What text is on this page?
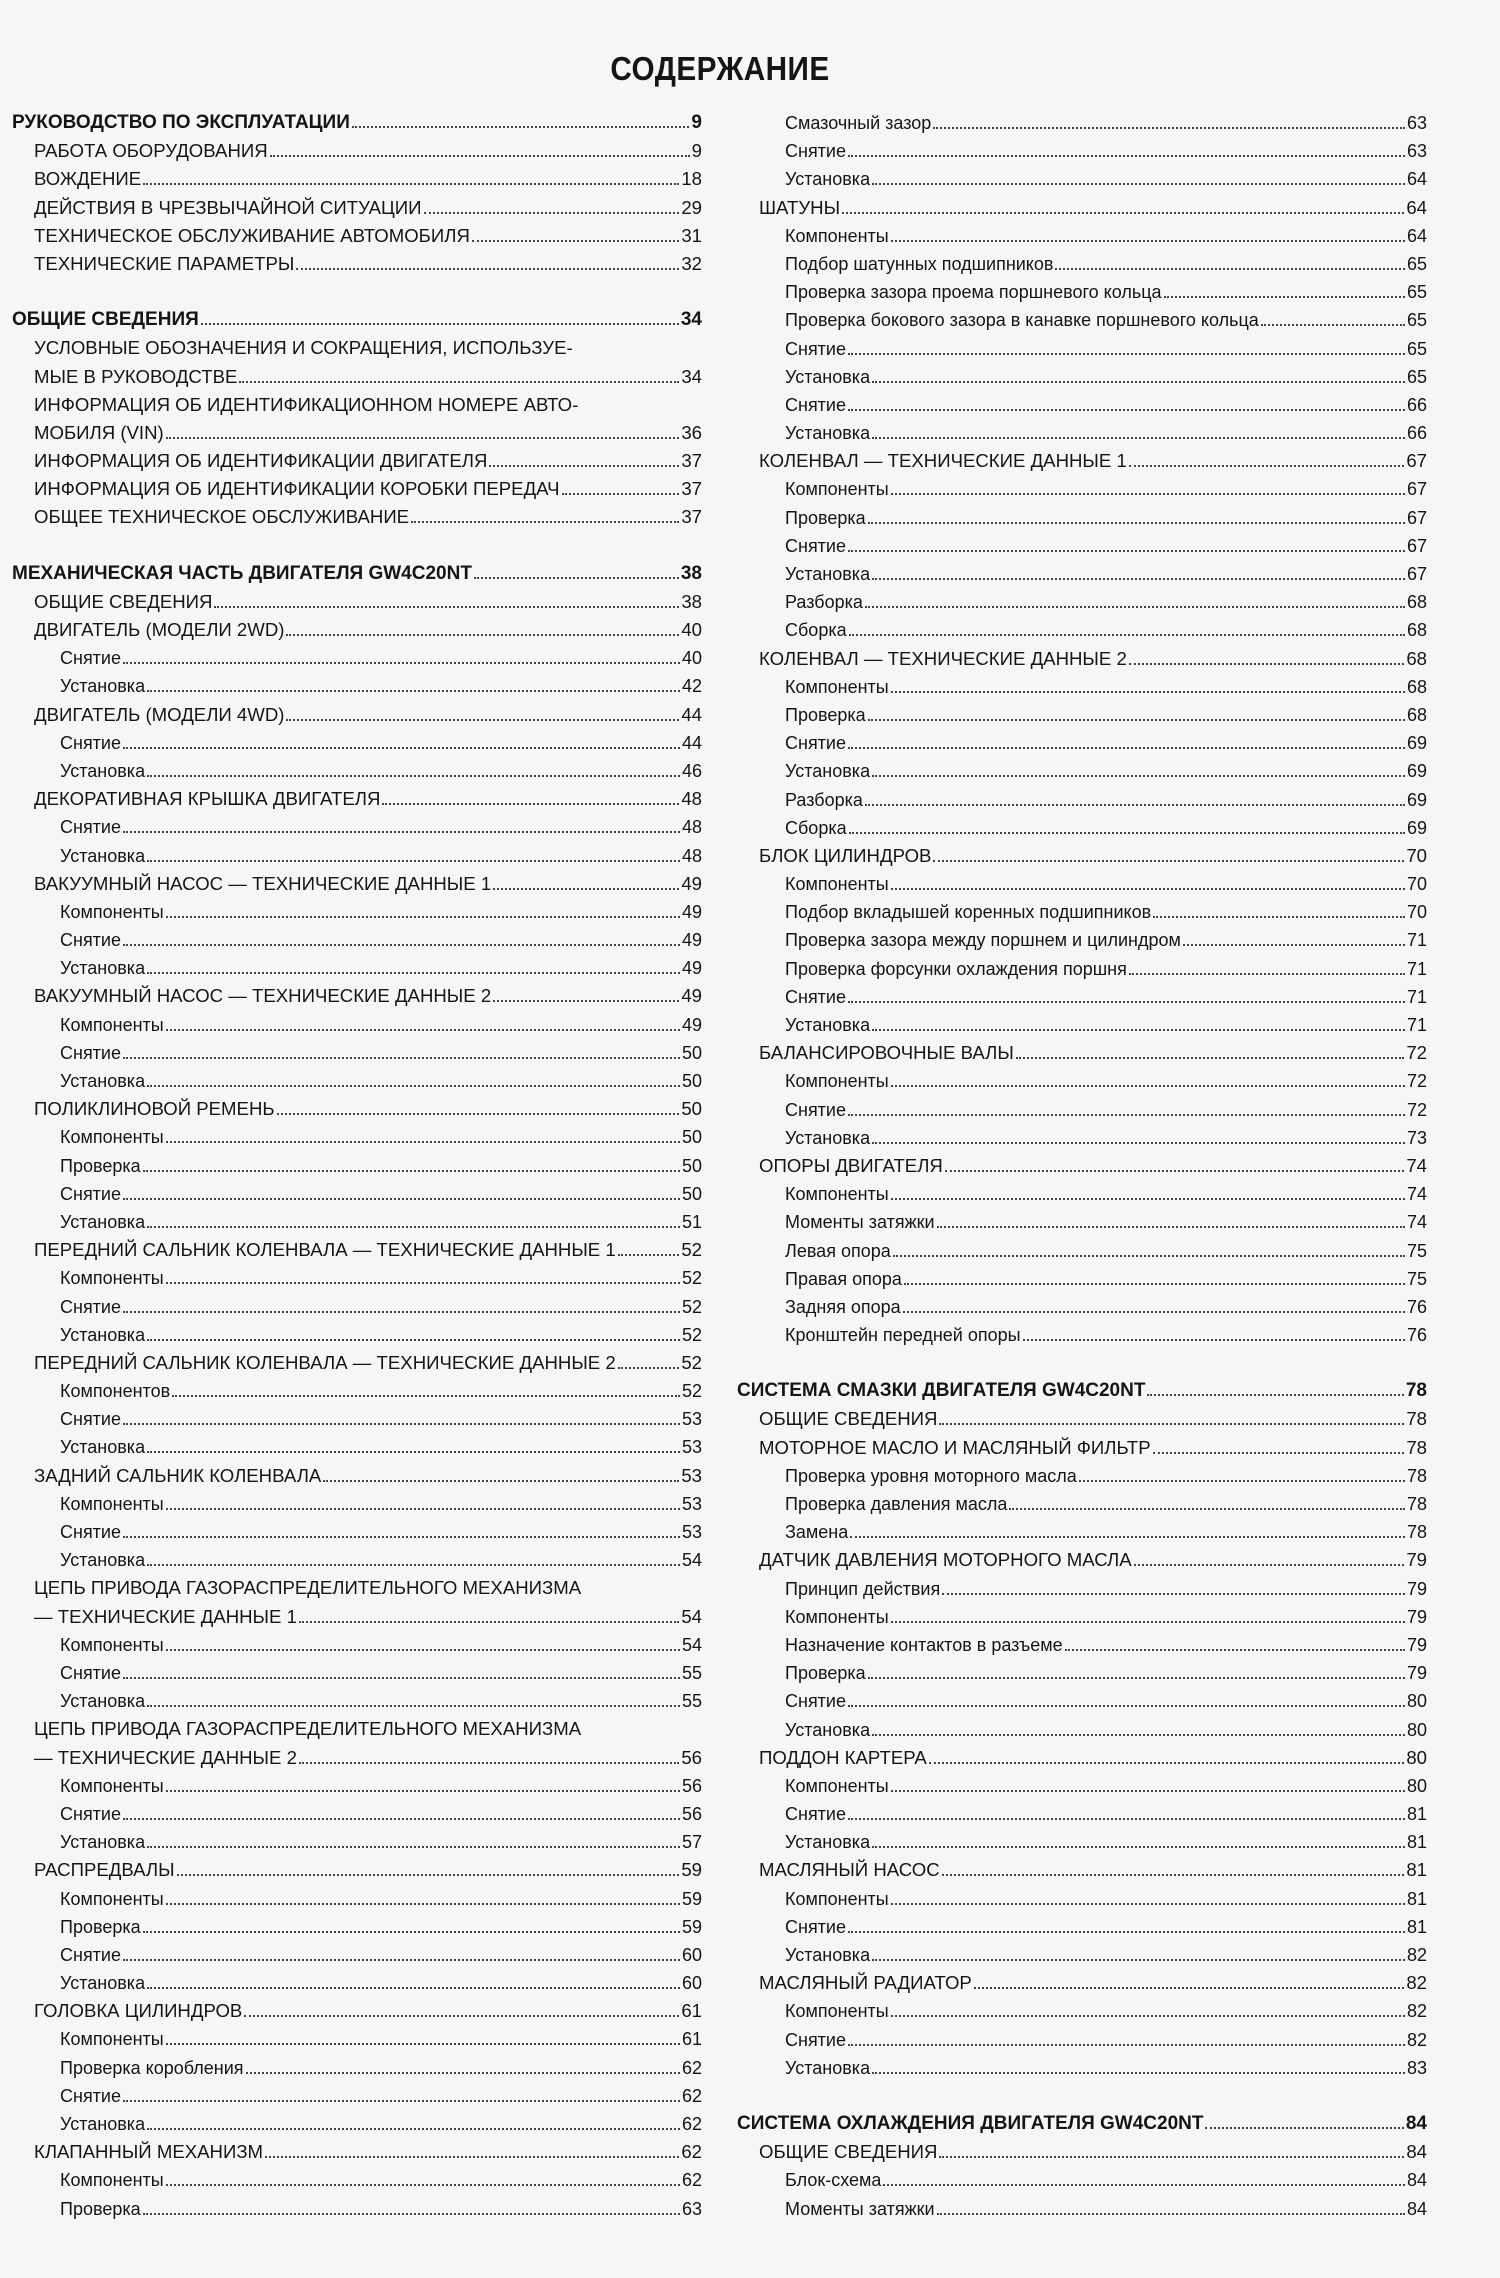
СОДЕРЖАНИЕ
РУКОВОДСТВО ПО ЭКСПЛУАТАЦИИ	9
РАБОТА ОБОРУДОВАНИЯ	9
ВОЖДЕНИЕ	18
ДЕЙСТВИЯ В ЧРЕЗВЫЧАЙНОЙ СИТУАЦИИ	29
ТЕХНИЧЕСКОЕ ОБСЛУЖИВАНИЕ АВТОМОБИЛЯ	31
ТЕХНИЧЕСКИЕ ПАРАМЕТРЫ	32
ОБЩИЕ СВЕДЕНИЯ	34
УСЛОВНЫЕ ОБОЗНАЧЕНИЯ И СОКРАЩЕНИЯ, ИСПОЛЬЗУЕ-
МЫЕ В РУКОВОДСТВЕ	34
ИНФОРМАЦИЯ ОБ ИДЕНТИФИКАЦИОННОМ НОМЕРЕ АВТО-
МОБИЛЯ (VIN)	36
ИНФОРМАЦИЯ ОБ ИДЕНТИФИКАЦИИ ДВИГАТЕЛЯ	37
ИНФОРМАЦИЯ ОБ ИДЕНТИФИКАЦИИ КОРОБКИ ПЕРЕДАЧ	37
ОБЩЕЕ ТЕХНИЧЕСКОЕ ОБСЛУЖИВАНИЕ	37
МЕХАНИЧЕСКАЯ ЧАСТЬ ДВИГАТЕЛЯ GW4C20NT	38
ОБЩИЕ СВЕДЕНИЯ	38
ДВИГАТЕЛЬ (МОДЕЛИ 2WD)	40
Снятие	40
Установка	42
ДВИГАТЕЛЬ (МОДЕЛИ 4WD)	44
Снятие	44
Установка	46
ДЕКОРАТИВНАЯ КРЫШКА ДВИГАТЕЛЯ	48
Снятие	48
Установка	48
ВАКУУМНЫЙ НАСОС — ТЕХНИЧЕСКИЕ ДАННЫЕ 1	49
Компоненты	49
Снятие	49
Установка	49
ВАКУУМНЫЙ НАСОС — ТЕХНИЧЕСКИЕ ДАННЫЕ 2	49
Компоненты	49
Снятие	50
Установка	50
ПОЛИКЛИНОВОЙ РЕМЕНЬ	50
Компоненты	50
Проверка	50
Снятие	50
Установка	51
ПЕРЕДНИЙ САЛЬНИК КОЛЕНВАЛА — ТЕХНИЧЕСКИЕ ДАННЫЕ 1	52
Компоненты	52
Снятие	52
Установка	52
ПЕРЕДНИЙ САЛЬНИК КОЛЕНВАЛА — ТЕХНИЧЕСКИЕ ДАННЫЕ 2	52
Компонентов	52
Снятие	53
Установка	53
ЗАДНИЙ САЛЬНИК КОЛЕНВАЛА	53
Компоненты	53
Снятие	53
Установка	54
ЦЕПЬ ПРИВОДА ГАЗОРАСПРЕДЕЛИТЕЛЬНОГО МЕХАНИЗМА
— ТЕХНИЧЕСКИЕ ДАННЫЕ 1	54
Компоненты	54
Снятие	55
Установка	55
ЦЕПЬ ПРИВОДА ГАЗОРАСПРЕДЕЛИТЕЛЬНОГО МЕХАНИЗМА
— ТЕХНИЧЕСКИЕ ДАННЫЕ 2	56
Компоненты	56
Снятие	56
Установка	57
РАСПРЕДВАЛЫ	59
Компоненты	59
Проверка	59
Снятие	60
Установка	60
ГОЛОВКА ЦИЛИНДРОВ	61
Компоненты	61
Проверка коробления	62
Снятие	62
Установка	62
КЛАПАННЫЙ МЕХАНИЗМ	62
Компоненты	62
Проверка	63
Смазочный зазор	63
Снятие	63
Установка	64
ШАТУНЫ	64
Компоненты	64
Подбор шатунных подшипников	65
Проверка зазора проема поршневого кольца	65
Проверка бокового зазора в канавке поршневого кольца	65
Снятие	65
Установка	65
Снятие	66
Установка	66
КОЛЕНВАЛ — ТЕХНИЧЕСКИЕ ДАННЫЕ 1	67
Компоненты	67
Проверка	67
Снятие	67
Установка	67
Разборка	68
Сборка	68
КОЛЕНВАЛ — ТЕХНИЧЕСКИЕ ДАННЫЕ 2	68
Компоненты	68
Проверка	68
Снятие	69
Установка	69
Разборка	69
Сборка	69
БЛОК ЦИЛИНДРОВ	70
Компоненты	70
Подбор вкладышей коренных подшипников	70
Проверка зазора между поршнем и цилиндром	71
Проверка форсунки охлаждения поршня	71
Снятие	71
Установка	71
БАЛАНСИРОВОЧНЫЕ ВАЛЫ	72
Компоненты	72
Снятие	72
Установка	73
ОПОРЫ ДВИГАТЕЛЯ	74
Компоненты	74
Моменты затяжки	74
Левая опора	75
Правая опора	75
Задняя опора	76
Кронштейн передней опоры	76
СИСТЕМА СМАЗКИ ДВИГАТЕЛЯ GW4C20NT	78
ОБЩИЕ СВЕДЕНИЯ	78
МОТОРНОЕ МАСЛО И МАСЛЯНЫЙ ФИЛЬТР	78
Проверка уровня моторного масла	78
Проверка давления масла	78
Замена	78
ДАТЧИК ДАВЛЕНИЯ МОТОРНОГО МАСЛА	79
Принцип действия	79
Компоненты	79
Назначение контактов в разъеме	79
Проверка	79
Снятие	80
Установка	80
ПОДДОН КАРТЕРА	80
Компоненты	80
Снятие	81
Установка	81
МАСЛЯНЫЙ НАСОС	81
Компоненты	81
Снятие	81
Установка	82
МАСЛЯНЫЙ РАДИАТОР	82
Компоненты	82
Снятие	82
Установка	83
СИСТЕМА ОХЛАЖДЕНИЯ ДВИГАТЕЛЯ GW4C20NT	84
ОБЩИЕ СВЕДЕНИЯ	84
Блок-схема	84
Моменты затяжки	84
